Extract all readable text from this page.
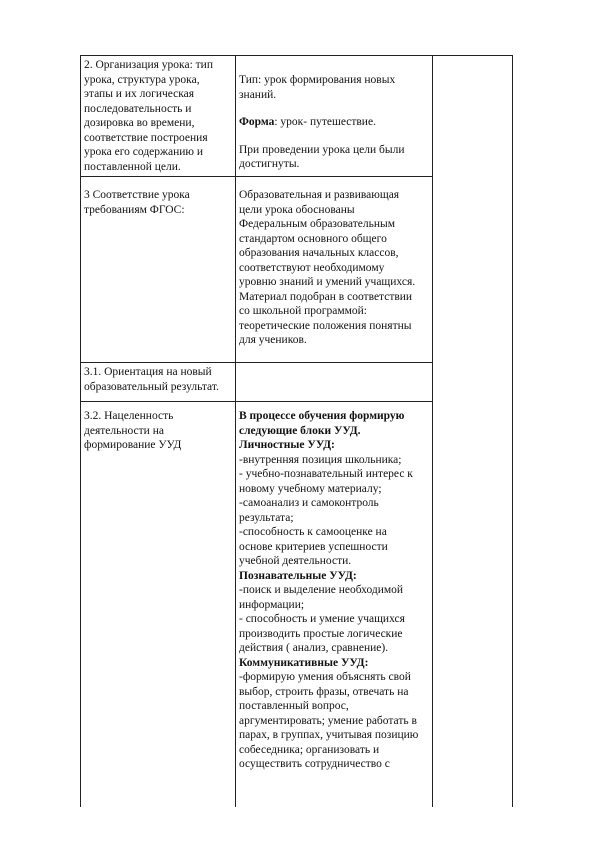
2. Организация урока: тип
урока, структура урока,
этапы и их логическая
последовательность и
дозировка во времени,
соответствие построения
урока его содержанию и
поставленной цели.
Тип: урок формирования новых
знаний.
Форма: урок- путешествие.
При проведении урока цели были
достигнуты.
3 Соответствие урока
требованиям ФГОС:
Образовательная и развивающая
цели урока обоснованы
Федеральным образовательным
стандартом основного общего
образования начальных классов,
соответствуют необходимому
уровню знаний и умений учащихся.
Материал подобран в соответствии
со школьной программой:
теоретические положения понятны
для учеников.
3.1. Ориентация на новый
образовательный результат.
3.2. Нацеленность
деятельности на
формирование УУД
В процессе обучения формирую
следующие блоки УУД.
Личностные УУД:
-внутренняя позиция школьника;
- учебно-познавательный интерес к
новому учебному материалу;
-самоанализ и самоконтроль
результата;
-способность к самооценке на
основе критериев успешности
учебной деятельности.
Познавательные УУД:
-поиск и выделение необходимой
информации;
- способность и умение учащихся
производить простые логические
действия ( анализ, сравнение).
Коммуникативные УУД:
-формирую умения объяснять свой
выбор, строить фразы, отвечать на
поставленный вопрос,
аргументировать; умение работать в
парах, в группах, учитывая позицию
собеседника; организовать и
осуществить сотрудничество с
